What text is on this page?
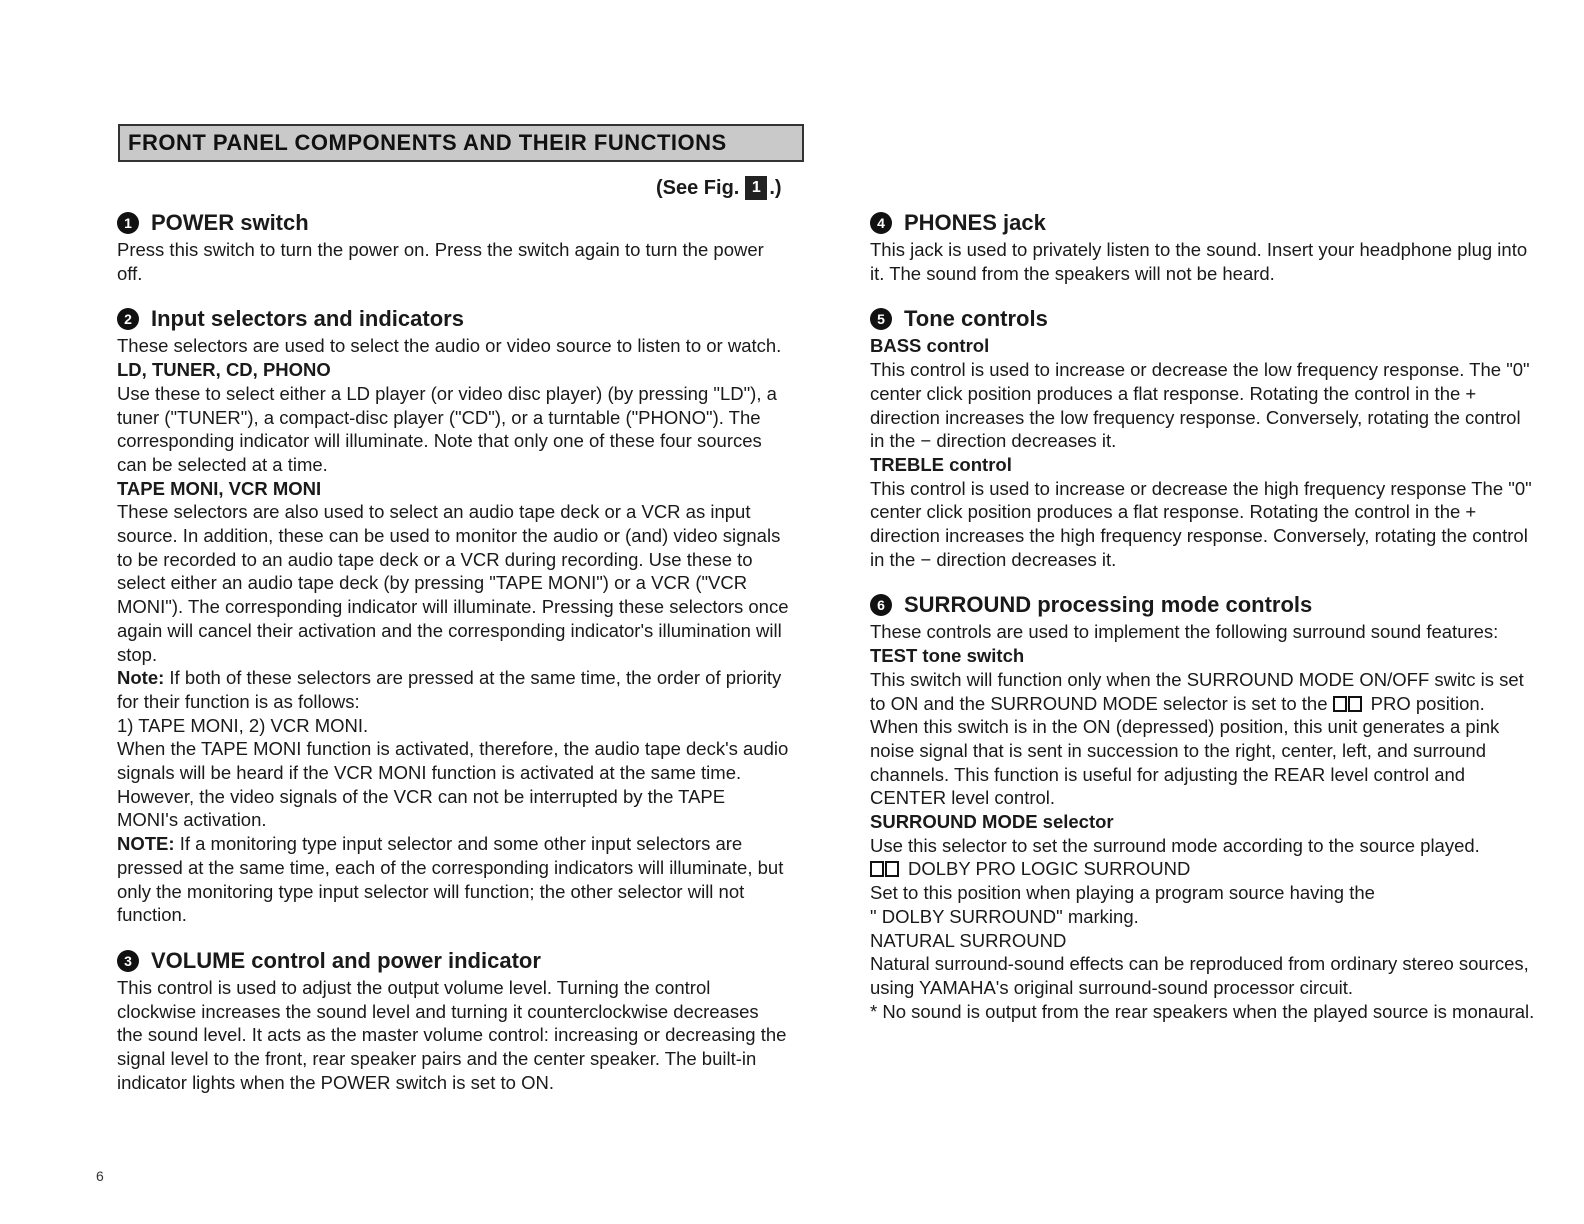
FRONT PANEL COMPONENTS AND THEIR FUNCTIONS
(See Fig. 1 .)
1 POWER switch

Press this switch to turn the power on. Press the switch again to turn the power off.

2 Input selectors and indicators

These selectors are used to select the audio or video source to listen to or watch.

LD, TUNER, CD, PHONO

Use these to select either a LD player (or video disc player) (by pressing "LD"), a tuner ("TUNER"), a compact-disc player ("CD"), or a turntable ("PHONO"). The corresponding indicator will illuminate. Note that only one of these four sources can be selected at a time.

TAPE MONI, VCR MONI

These selectors are also used to select an audio tape deck or a VCR as input source. In addition, these can be used to monitor the audio or (and) video signals to be recorded to an audio tape deck or a VCR during recording. Use these to select either an audio tape deck (by pressing "TAPE MONI") or a VCR ("VCR MONI"). The corresponding indicator will illuminate. Pressing these selectors once again will cancel their activation and the corresponding indicator's illumination will stop.

Note: If both of these selectors are pressed at the same time, the order of priority for their function is as follows:

1) TAPE MONI, 2) VCR MONI.

When the TAPE MONI function is activated, therefore, the audio tape deck's audio signals will be heard if the VCR MONI function is activated at the same time. However, the video signals of the VCR can not be interrupted by the TAPE MONI's activation.

NOTE: If a monitoring type input selector and some other input selectors are pressed at the same time, each of the corresponding indicators will illuminate, but only the monitoring type input selector will function; the other selector will not function.

3 VOLUME control and power indicator

This control is used to adjust the output volume level. Turning the control clockwise increases the sound level and turning it counterclockwise decreases the sound level. It acts as the master volume control: increasing or decreasing the signal level to the front, rear speaker pairs and the center speaker. The built-in indicator lights when the POWER switch is set to ON.

4 PHONES jack

This jack is used to privately listen to the sound. Insert your headphone plug into it. The sound from the speakers will not be heard.

5 Tone controls

BASS control

This control is used to increase or decrease the low frequency response. The "0" center click position produces a flat response. Rotating the control in the + direction increases the low frequency response. Conversely, rotating the control in the − direction decreases it.

TREBLE control

This control is used to increase or decrease the high frequency response The "0" center click position produces a flat response. Rotating the control in the + direction increases the high frequency response. Conversely, rotating the control in the − direction decreases it.

6 SURROUND processing mode controls

These controls are used to implement the following surround sound features:

TEST tone switch

This switch will function only when the SURROUND MODE ON/OFF switc is set to ON and the SURROUND MODE selector is set to the PRO position.

When this switch is in the ON (depressed) position, this unit generates a pink noise signal that is sent in succession to the right, center, left, and surround channels. This function is useful for adjusting the REAR level control and CENTER level control.

SURROUND MODE selector

Use this selector to set the surround mode according to the source played.

DOLBY PRO LOGIC SURROUND

Set to this position when playing a program source having the

" DOLBY SURROUND" marking.

NATURAL SURROUND

Natural surround-sound effects can be reproduced from ordinary stereo sources, using YAMAHA's original surround-sound processor circuit.

* No sound is output from the rear speakers when the played source is monaural.

6
